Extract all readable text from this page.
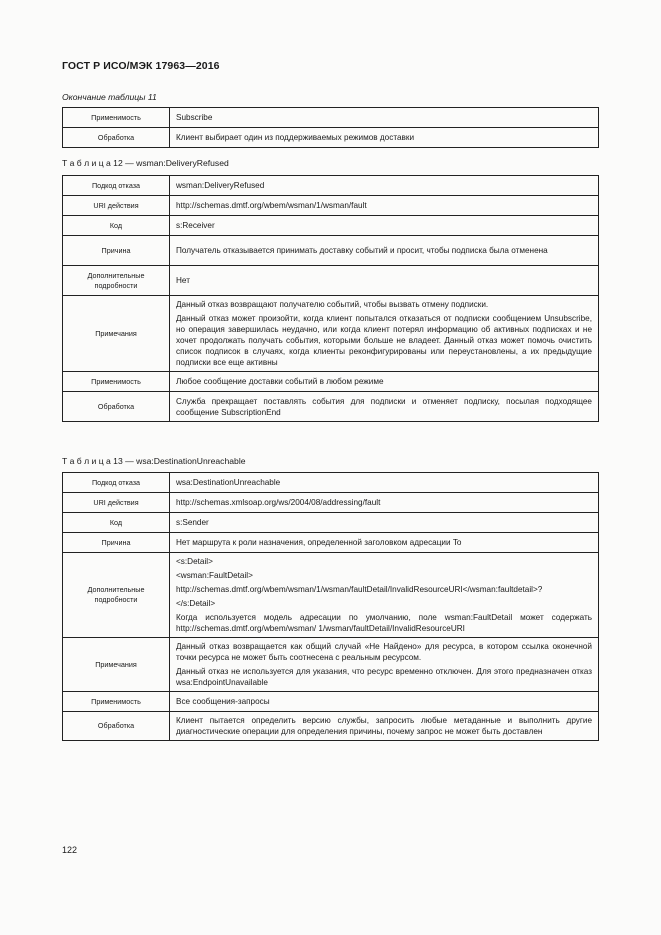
ГОСТ Р ИСО/МЭК 17963—2016
Окончание таблицы 11
Применимость	Subscribe
Обработка	Клиент выбирает один из поддерживаемых режимов доставки
Т а б л и ц а 12 — wsman:DeliveryRefused
Подкод отказа	wsman:DeliveryRefused
URI действия	http://schemas.dmtf.org/wbem/wsman/1/wsman/fault
Код	s:Receiver
Причина	Получатель отказывается принимать доставку событий и просит, чтобы подписка была отменена
Дополнительные подробности	Нет
Примечания	Данный отказ возвращают получателю событий, чтобы вызвать отмену подписки.

Данный отказ может произойти, когда клиент попытался отказаться от подписки сообщением Unsubscribe, но операция завершилась неудачно, или когда клиент потерял информацию об активных подписках и не хочет продолжать получать события, которыми больше не владеет. Данный отказ может помочь очистить список подписок в случаях, когда клиенты реконфигурированы или переустановлены, а их предыдущие подписки все еще активны

Применимость	Любое сообщение доставки событий в любом режиме
Обработка	Служба прекращает поставлять события для подписки и отменяет подписку, посылая подходящее сообщение SubscriptionEnd
Т а б л и ц а 13 — wsa:DestinationUnreachable
Подкод отказа	wsa:DestinationUnreachable
URI действия	http://schemas.xmlsoap.org/ws/2004/08/addressing/fault
Код	s:Sender
Причина	Нет маршрута к роли назначения, определенной заголовком адресации To
Дополнительные подробности	<s:Detail>

<wsman:FaultDetail>

http://schemas.dmtf.org/wbem/wsman/1/wsman/faultDetail/InvalidResourceURI</wsman:faultdetail>?

</s:Detail>

Когда используется модель адресации по умолчанию, поле wsman:FaultDetail может содержать http://schemas.dmtf.org/wbem/wsman/ 1/wsman/faultDetail/InvalidResourceURI

Примечания	Данный отказ возвращается как общий случай «Не Найдено» для ресурса, в котором ссылка оконечной точки ресурса не может быть соотнесена с реальным ресурсом.

Данный отказ не используется для указания, что ресурс временно отключен. Для этого предназначен отказ wsa:EndpointUnavailable

Применимость	Все сообщения-запросы
Обработка	Клиент пытается определить версию службы, запросить любые метаданные и выполнить другие диагностические операции для определения причины, почему запрос не может быть доставлен
122
